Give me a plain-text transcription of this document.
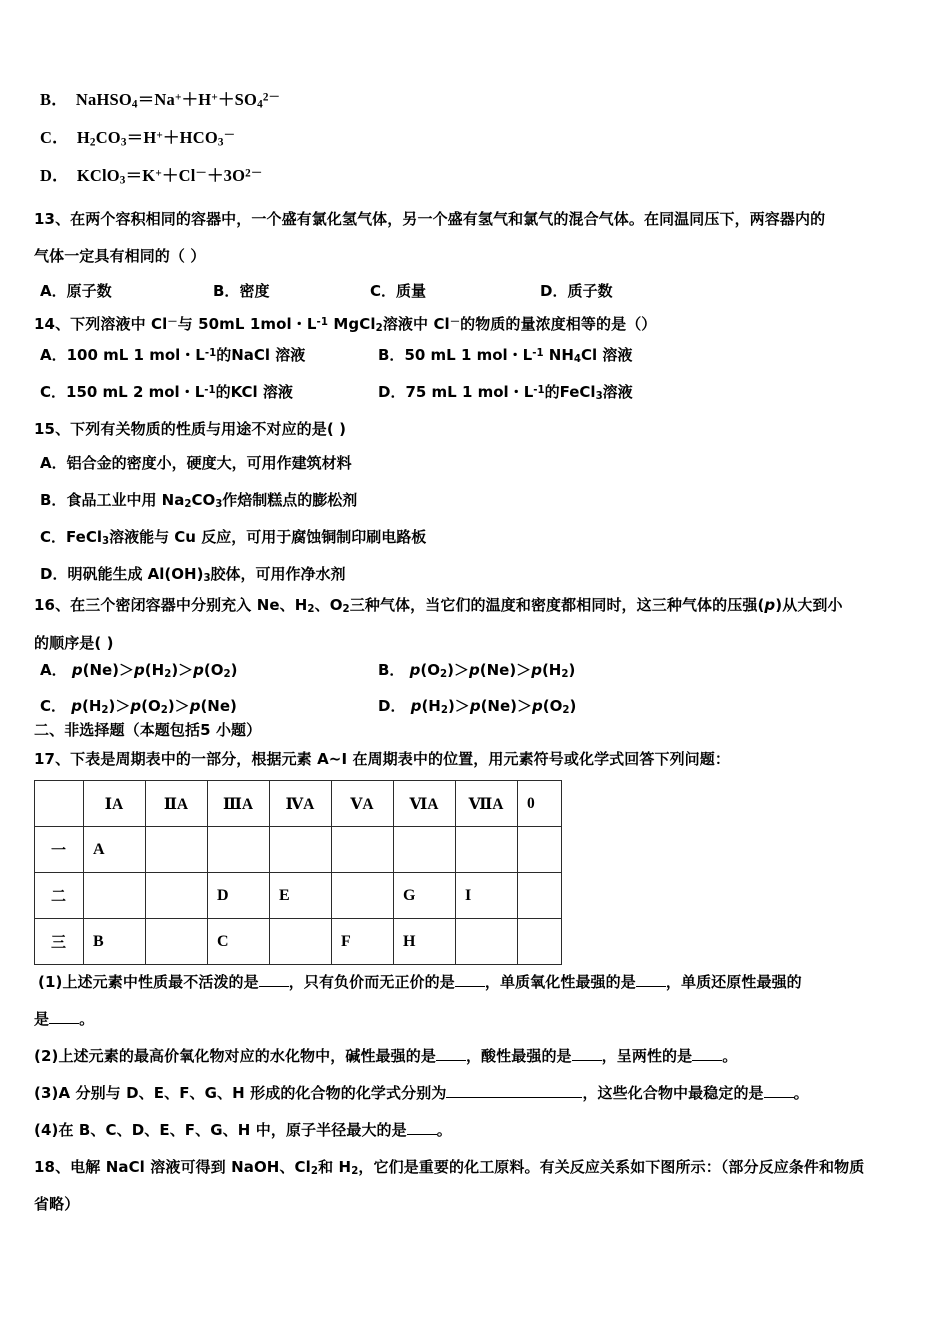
B． $NaHSO_4=Na^++H^++SO_4^{2-}$
C． $H_2CO_3=H^++HCO_3^-$
D． $KClO_3=K^++Cl^-+3O^{2-}$
13、在两个容积相同的容器中，一个盛有氯化氢气体，另一个盛有氢气和氯气的混合气体。在同温同压下，两容器内的
气体一定具有相同的（ ）
A．原子数	B．密度	C．质量	D．质子数
14、下列溶液中 Cl－与 50mL 1mol・$L^{-1}$ MgCl$_2$溶液中 Cl－的物质的量浓度相等的是（）
A．100 mL 1 mol・$L^{-1}$的NaCl 溶液	B．50 mL 1 mol・$L^{-1}$ $NH_4Cl$ 溶液
C．150 mL 2 mol・$L^{-1}$的KCl 溶液	D．75 mL 1 mol・$L^{-1}$的FeCl$_3$溶液
15、下列有关物质的性质与用途不对应的是( )
A．铝合金的密度小，硬度大，可用作建筑材料
B．食品工业中用 $Na_2CO_3$作焙制糕点的膨松剂
C．FeCl$_3$溶液能与 Cu 反应，可用于腐蚀铜制印刷电路板
D．明矾能生成 $Al(OH)_3$胶体，可用作净水剂
16、在三个密闭容器中分别充入 Ne、$H_2$、$O_2$三种气体，当它们的温度和密度都相同时，这三种气体的压强(p)从大到小
的顺序是( )
A． $p(Ne)>p(H_2)>p(O_2)$	B． $p(O_2)>p(Ne)>p(H_2)$
C． $p(H_2)>p(O_2)>p(Ne)$	D． $p(H_2)>p(Ne)>p(O_2)$
二、非选择题（本题包括5 小题）
17、下表是周期表中的一部分，根据元素 A~I 在周期表中的位置，用元素符号或化学式回答下列问题：
	ⅠA	ⅡA	ⅢA	ⅣA	ⅤA	ⅥA	ⅦA	0
一	A							
二			D	E		G	I	
三	B		C		F	H		
(1)上述元素中性质最不活泼的是 ，只有负价而无正价的是 ，单质氧化性最强的是 ，单质还原性最强的
是 。
(2)上述元素的最高价氧化物对应的水化物中，碱性最强的是 ，酸性最强的是 ，呈两性的是 。
(3)A 分别与 D、E、F、G、H 形成的化合物的化学式分别为	，这些化合物中最稳定的是 。
(4)在 B、C、D、E、F、G、H 中，原子半径最大的是 。
18、电解 NaCl 溶液可得到 NaOH、$Cl_2$和 $H_2$，它们是重要的化工原料。有关反应关系如下图所示：（部分反应条件和物质
省略）
